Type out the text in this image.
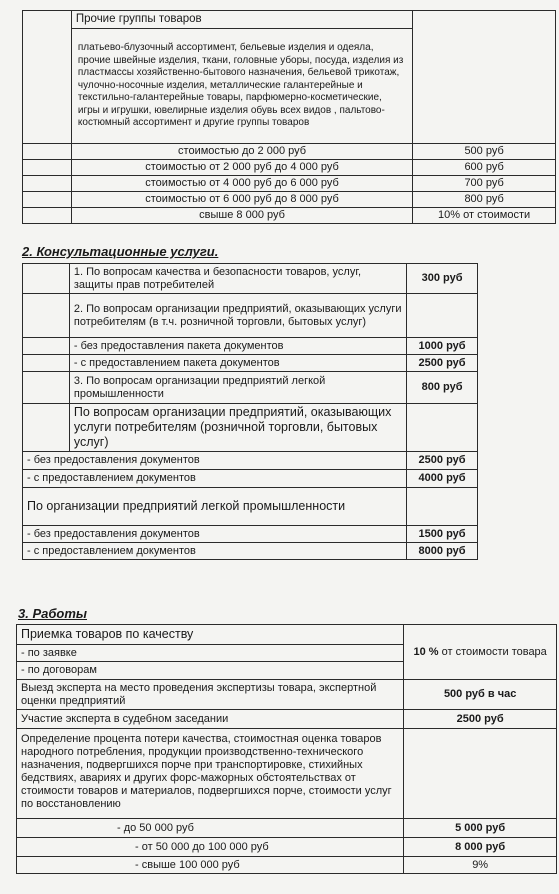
	Прочие группы товаров	
	платьево-блузочный ассортимент, бельевые изделия и одеяла, прочие швейные изделия, ткани, головные уборы, посуда, изделия из пластмассы хозяйственно-бытового назначения, бельевой трикотаж, чулочно-носочные изделия, металлические галантерейные и текстильно-галантерейные товары, парфюмерно-косметические, игры и игрушки, ювелирные изделия обувь всех видов , пальтово-костюмный ассортимент и другие группы товаров	
	стоимостью до 2 000 руб	500 руб
	стоимостью от 2 000 руб до 4 000 руб	600 руб
	стоимостью от 4 000 руб до 6 000 руб	700 руб
	стоимостью от 6 000 руб до 8 000 руб	800 руб
	свыше 8 000 руб	10% от стоимости
2. Консультационные услуги.
	1. По вопросам качества и безопасности товаров, услуг, защиты прав потребителей	300 руб
	2. По вопросам организации предприятий, оказывающих услуги потребителям (в т.ч. розничной торговли, бытовых услуг)	
	- без предоставления пакета документов	1000 руб
	- с предоставлением пакета документов	2500 руб
	3. По вопросам организации предприятий легкой промышленности	800 руб
	По вопросам организации предприятий, оказывающих услуги потребителям (розничной торговли, бытовых услуг)	
- без предоставления документов		2500 руб
- с предоставлением документов		4000 руб
По организации предприятий легкой промышленности		
- без предоставления документов		1500 руб
- с предоставлением документов		8000 руб
3. Работы
Приемка товаров по качеству	10 % от стоимости товара
- по заявке	
- по договорам	
Выезд эксперта на место проведения экспертизы товара, экспертной оценки предприятий	500 руб в час
Участие эксперта в судебном заседании	2500 руб
Определение процента потери качества, стоимостная оценка товаров народного потребления, продукции производственно-технического назначения, подвергшихся порче при транспортировке, стихийных бедствиях, авариях и других форс-мажорных обстоятельствах от стоимости товаров и материалов, подвергшихся порче, стоимости услуг по восстановлению	
- до 50 000 руб	5 000 руб
- от 50 000 до 100 000 руб	8 000 руб
- свыше 100 000 руб	9%
